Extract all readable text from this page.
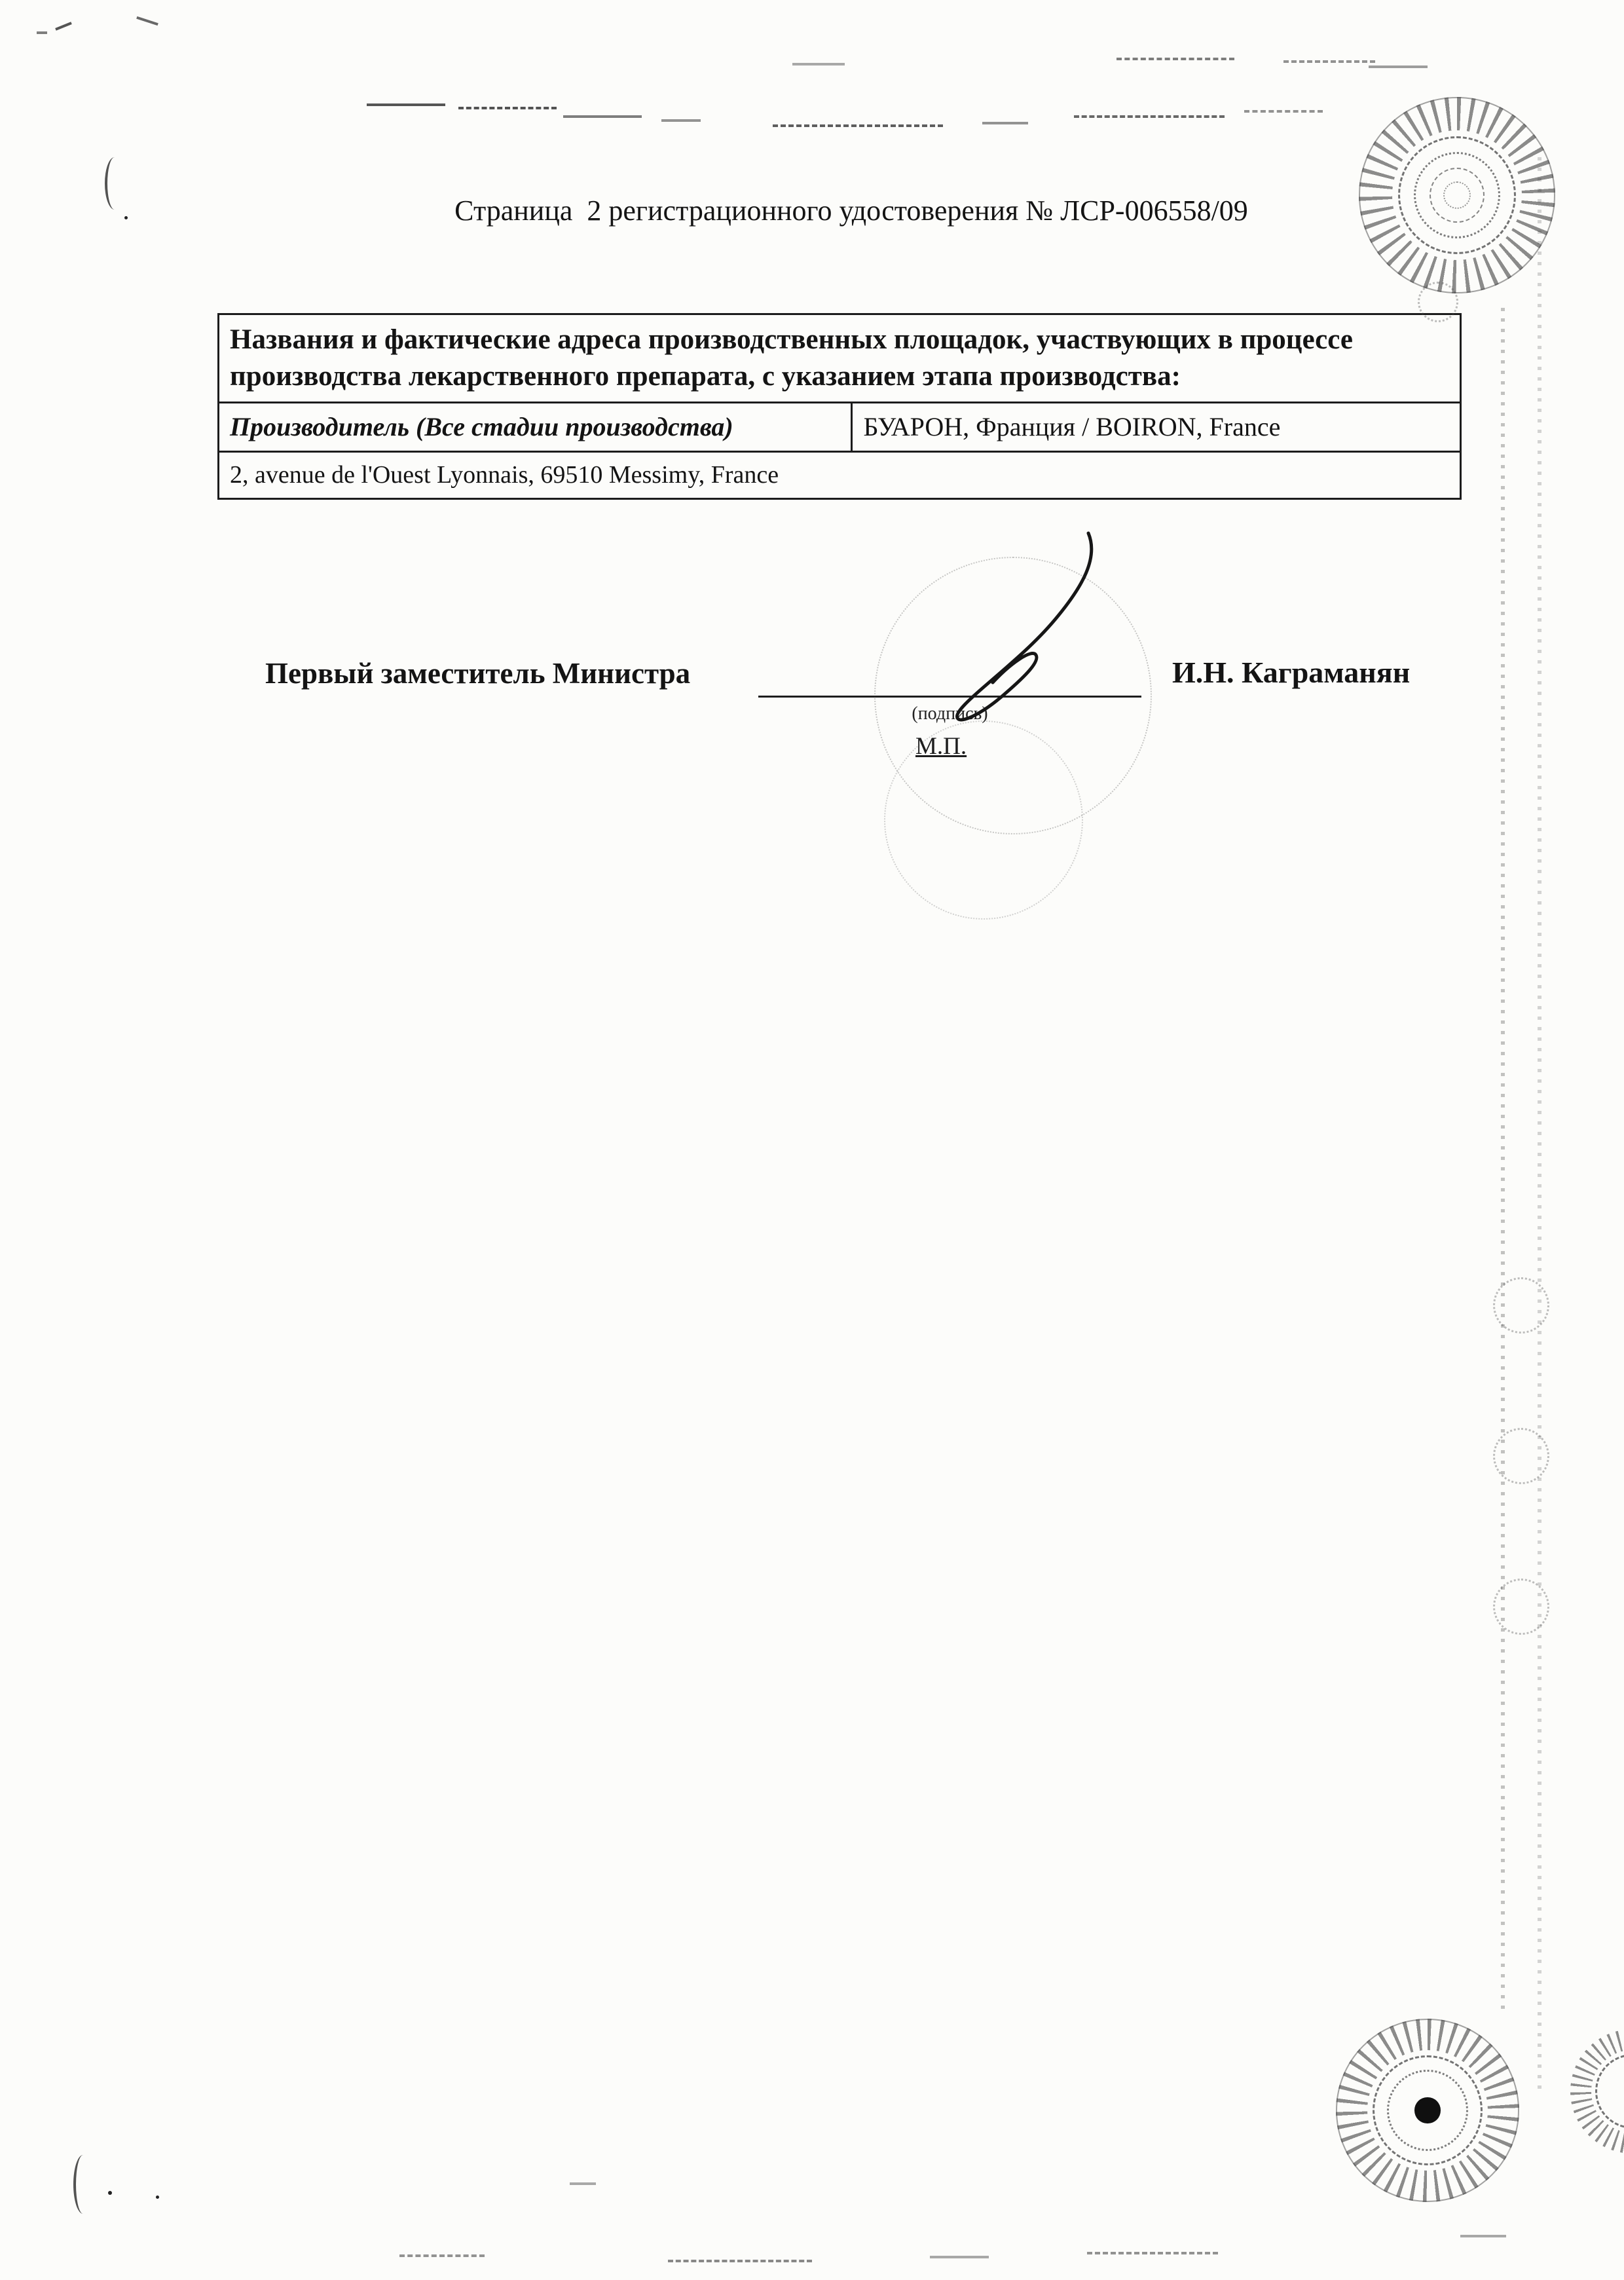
Страница  2 регистрационного удостоверения № ЛСР-006558/09
Названия и фактические адреса производственных площадок, участвующих в процессе производства лекарственного препарата, с указанием этапа производства:
Производитель (Все стадии производства)	БУАРОН, Франция / BOIRON, France
2, avenue de l'Ouest Lyonnais, 69510 Messimy, France
Первый заместитель Министра
(подпись)
М.П.
И.Н. Каграманян
